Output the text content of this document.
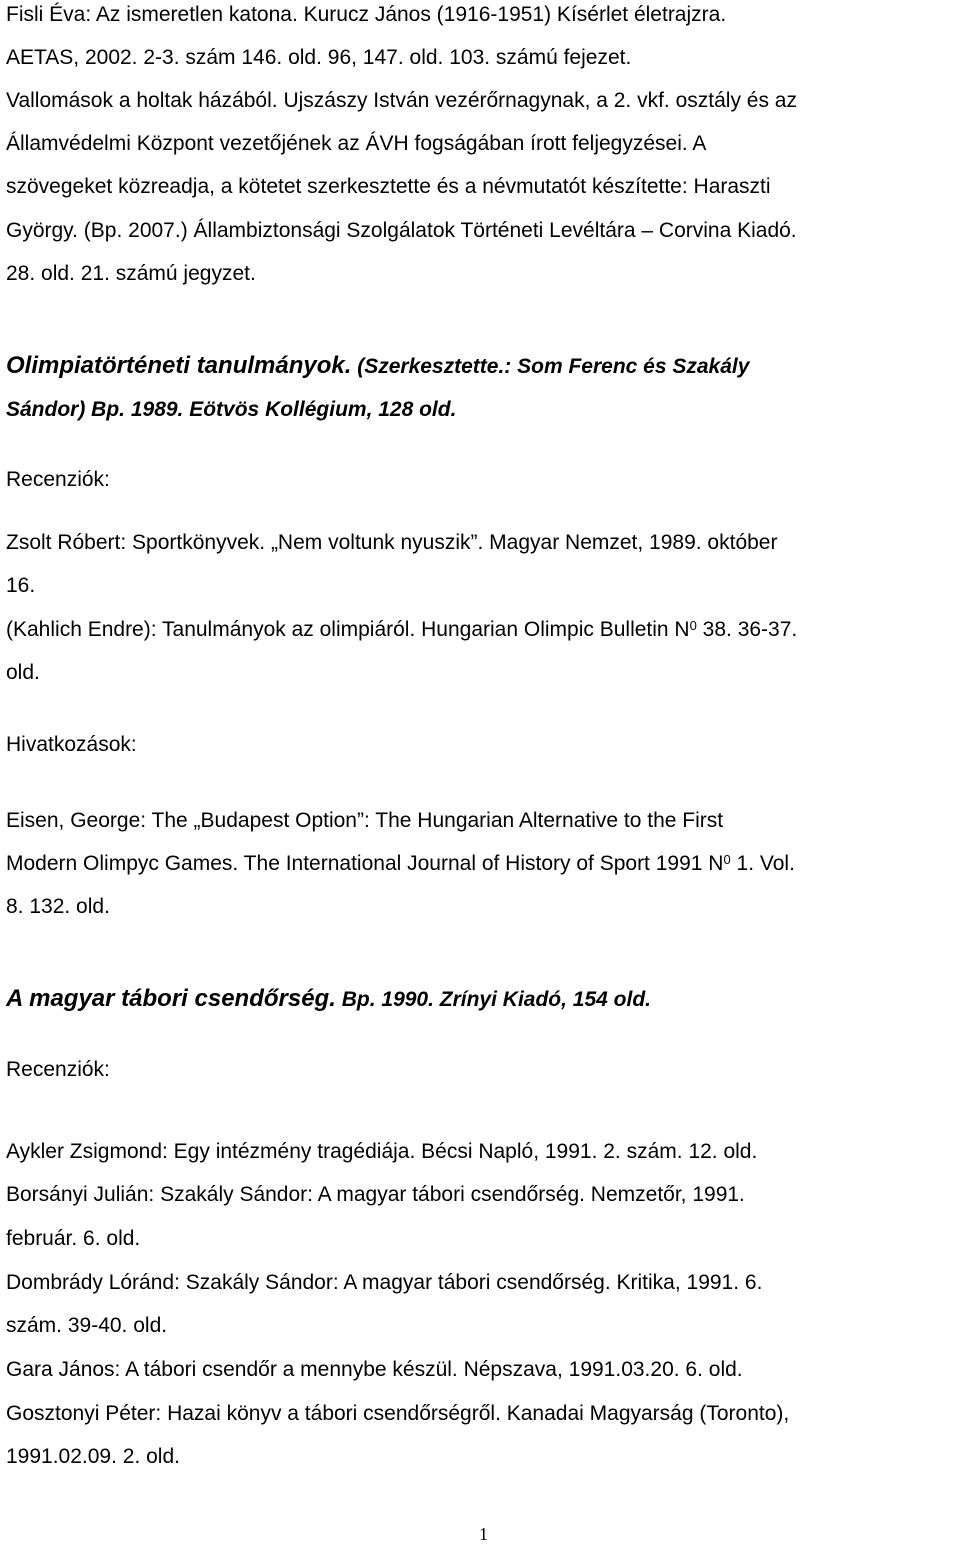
Fisli Éva: Az ismeretlen katona. Kurucz János (1916-1951) Kísérlet életrajzra.
AETAS, 2002. 2-3. szám 146. old. 96, 147. old. 103. számú fejezet.
Vallomások a holtak házából. Ujszászy István vezérőrnagynak, a 2. vkf. osztály és az
Államvédelmi Központ vezetőjének az ÁVH fogságában írott feljegyzései. A
szövegeket közreadja, a kötetet szerkesztette és a névmutatót készítette: Haraszti
György. (Bp. 2007.) Állambiztonsági Szolgálatok Történeti Levéltára – Corvina Kiadó.
28. old. 21. számú jegyzet.
Olimpiatörténeti tanulmányok. (Szerkesztette.: Som Ferenc és Szakály
Sándor) Bp. 1989. Eötvös Kollégium, 128 old.
Recenziók:
Zsolt Róbert: Sportkönyvek. „Nem voltunk nyuszik”. Magyar Nemzet, 1989. október
16.
(Kahlich Endre): Tanulmányok az olimpiáról. Hungarian Olimpic Bulletin $N^0$ 38. 36-37.
old.
Hivatkozások:
Eisen, George: The „Budapest Option”: The Hungarian Alternative to the First
Modern Olimpyc Games. The International Journal of History of Sport 1991 $N^0$ 1. Vol.
8. 132. old.
A magyar tábori csendőrség. Bp. 1990. Zrínyi Kiadó, 154 old.
Recenziók:
Aykler Zsigmond: Egy intézmény tragédiája. Bécsi Napló, 1991. 2. szám. 12. old.
Borsányi Julián: Szakály Sándor: A magyar tábori csendőrség. Nemzetőr, 1991.
február. 6. old.
Dombrády Lóránd: Szakály Sándor: A magyar tábori csendőrség. Kritika, 1991. 6.
szám. 39-40. old.
Gara János: A tábori csendőr a mennybe készül. Népszava, 1991.03.20. 6. old.
Gosztonyi Péter: Hazai könyv a tábori csendőrségről. Kanadai Magyarság (Toronto),
1991.02.09. 2. old.
1
